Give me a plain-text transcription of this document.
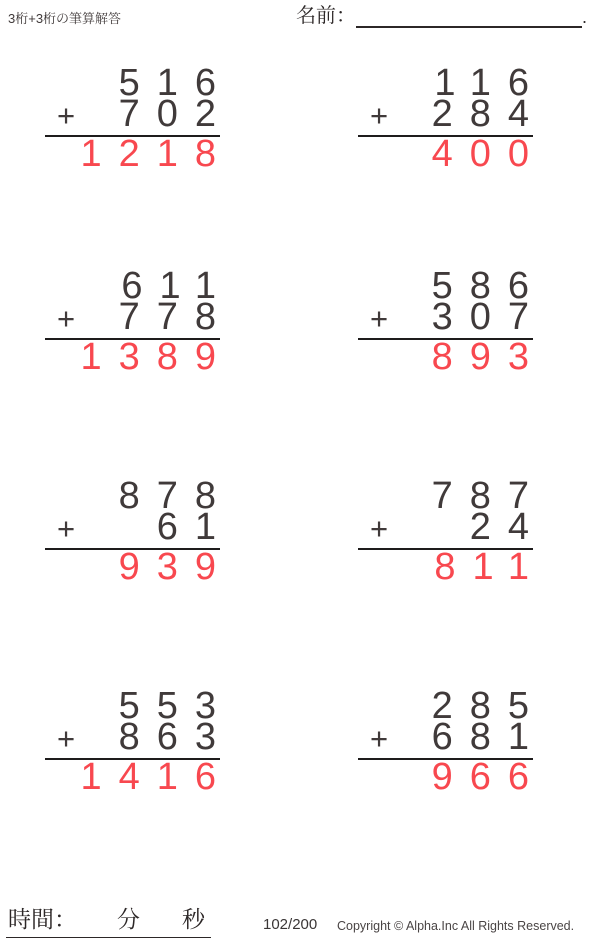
3桁+3桁の筆算解答	名前：	.
516
+ 702
1218
116
+ 284
400
611
+ 778
1389
586
+ 307
893
878
+ 61
939
787
+ 24
811
553
+ 863
1416
285
+ 681
966
時間： 分 秒	102/200 Copyright © Alpha.Inc All Rights Reserved.
